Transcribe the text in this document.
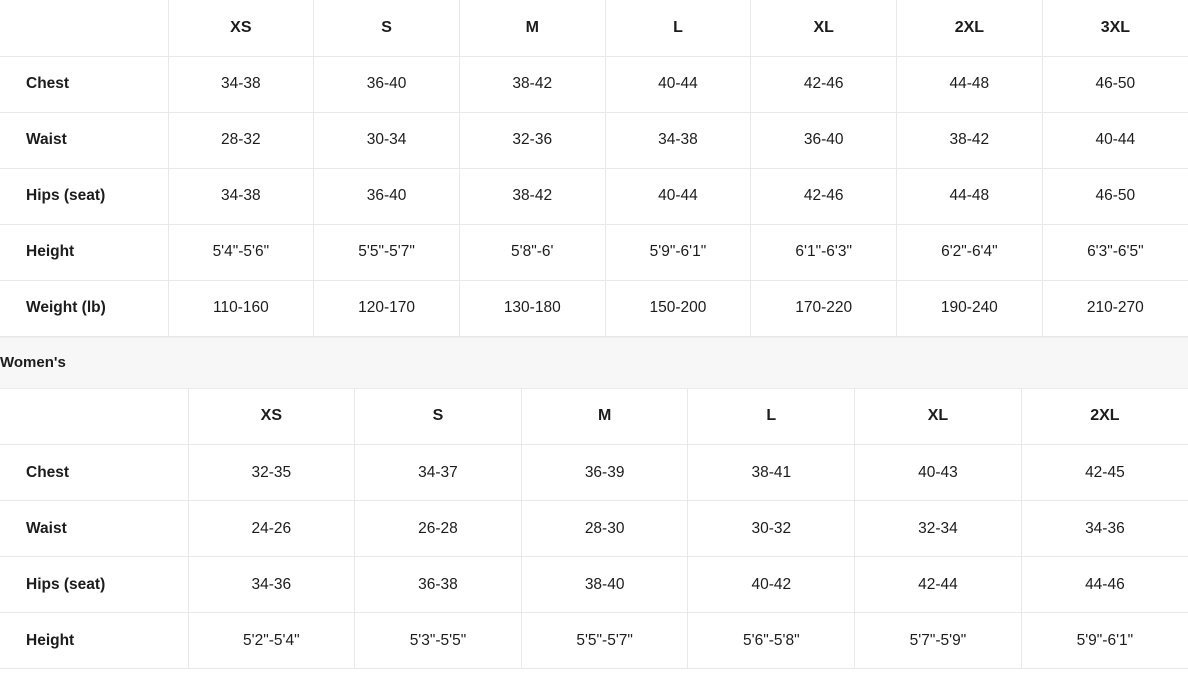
	XS	S	M	L	XL	2XL	3XL
Chest	34-38	36-40	38-42	40-44	42-46	44-48	46-50
Waist	28-32	30-34	32-36	34-38	36-40	38-42	40-44
Hips (seat)	34-38	36-40	38-42	40-44	42-46	44-48	46-50
Height	5'4"-5'6"	5'5"-5'7"	5'8"-6'	5'9"-6'1"	6'1"-6'3"	6'2"-6'4"	6'3"-6'5"
Weight (lb)	110-160	120-170	130-180	150-200	170-220	190-240	210-270
Women's
	XS	S	M	L	XL	2XL
Chest	32-35	34-37	36-39	38-41	40-43	42-45
Waist	24-26	26-28	28-30	30-32	32-34	34-36
Hips (seat)	34-36	36-38	38-40	40-42	42-44	44-46
Height	5'2"-5'4"	5'3"-5'5"	5'5"-5'7"	5'6"-5'8"	5'7"-5'9"	5'9"-6'1"
